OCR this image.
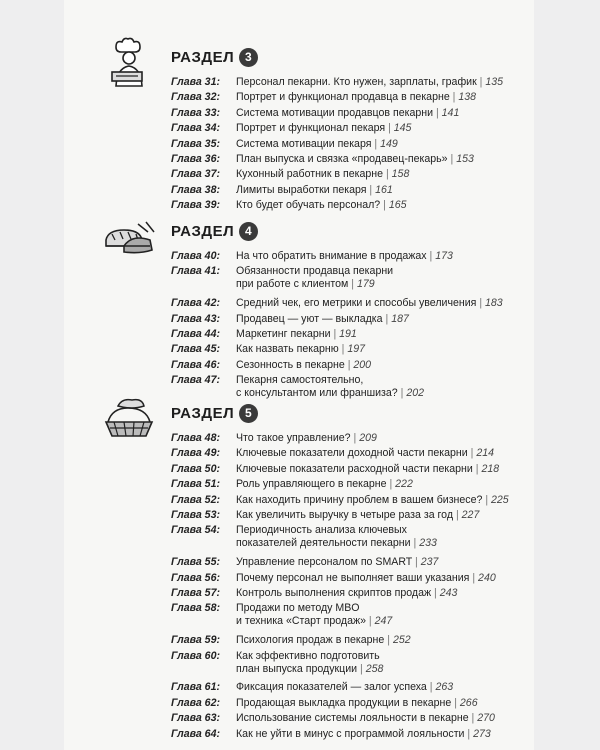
РАЗДЕЛ 3
Глава 31:	Персонал пекарни. Кто нужен, зарплаты, график | 135
Глава 32:	Портрет и функционал продавца в пекарне | 138
Глава 33:	Система мотивации продавцов пекарни | 141
Глава 34:	Портрет и функционал пекаря | 145
Глава 35:	Система мотивации пекаря | 149
Глава 36:	План выпуска и связка «продавец-пекарь» | 153
Глава 37:	Кухонный работник в пекарне | 158
Глава 38:	Лимиты выработки пекаря | 161
Глава 39:	Кто будет обучать персонал? | 165
РАЗДЕЛ 4
Глава 40:	На что обратить внимание в продажах | 173
Глава 41:	Обязанности продавца пекарни
при работе с клиентом | 179
Глава 42:	Средний чек, его метрики и способы увеличения | 183
Глава 43:	Продавец — уют — выкладка | 187
Глава 44:	Маркетинг пекарни | 191
Глава 45:	Как назвать пекарню | 197
Глава 46:	Сезонность в пекарне | 200
Глава 47:	Пекарня самостоятельно,
с консультантом или франшиза? | 202
РАЗДЕЛ 5
Глава 48:	Что такое управление? | 209
Глава 49:	Ключевые показатели доходной части пекарни | 214
Глава 50:	Ключевые показатели расходной части пекарни | 218
Глава 51:	Роль управляющего в пекарне | 222
Глава 52:	Как находить причину проблем в вашем бизнесе? | 225
Глава 53:	Как увеличить выручку в четыре раза за год | 227
Глава 54:	Периодичность анализа ключевых
показателей деятельности пекарни | 233
Глава 55:	Управление персоналом по SMART | 237
Глава 56:	Почему персонал не выполняет ваши указания | 240
Глава 57:	Контроль выполнения скриптов продаж | 243
Глава 58:	Продажи по методу MBO
и техника «Старт продаж» | 247
Глава 59:	Психология продаж в пекарне | 252
Глава 60:	Как эффективно подготовить
план выпуска продукции | 258
Глава 61:	Фиксация показателей — залог успеха | 263
Глава 62:	Продающая выкладка продукции в пекарне | 266
Глава 63:	Использование системы лояльности в пекарне | 270
Глава 64:	Как не уйти в минус с программой лояльности | 273
